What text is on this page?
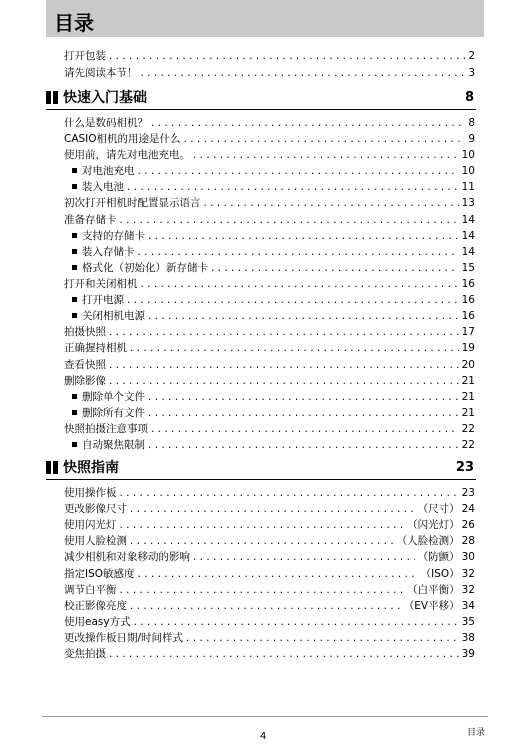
目录
打开包装 . . .	2
请先阅读本节！ . . .	3
快速入门基础	8
什么是数码相机？ . . .	8
CASIO相机的用途是什么 . . .	9
使用前，请先对电池充电。 . . .	10
对电池充电 . . .	10
装入电池 . . .	11
初次打开相机时配置显示语言 . . .	13
准备存储卡 . . .	14
支持的存储卡 . . .	14
装入存储卡 . . .	14
格式化（初始化）新存储卡 . . .	15
打开和关闭相机 . . .	16
打开电源 . . .	16
关闭相机电源 . . .	16
拍摄快照 . . .	17
正确握持相机 . . .	19
查看快照 . . .	20
删除影像 . . .	21
删除单个文件 . . .	21
删除所有文件 . . .	21
快照拍摄注意事项 . . .	22
自动聚焦限制 . . .	22
快照指南	23
使用操作板 . . .	23
更改影像尺寸 . . .	（尺寸） 24
使用闪光灯 . . .	（闪光灯） 26
使用人脸检测 . . .	（人脸检测） 28
减少相机和对象移动的影响 . . .	（防颤） 30
指定ISO敏感度 . . .	（ISO） 32
调节白平衡 . . .	（白平衡） 32
校正影像亮度 . . .	（EV平移） 34
使用easy方式 . . .	35
更改操作板日期/时间样式 . . .	38
变焦拍摄 . . .	39
4	目录
